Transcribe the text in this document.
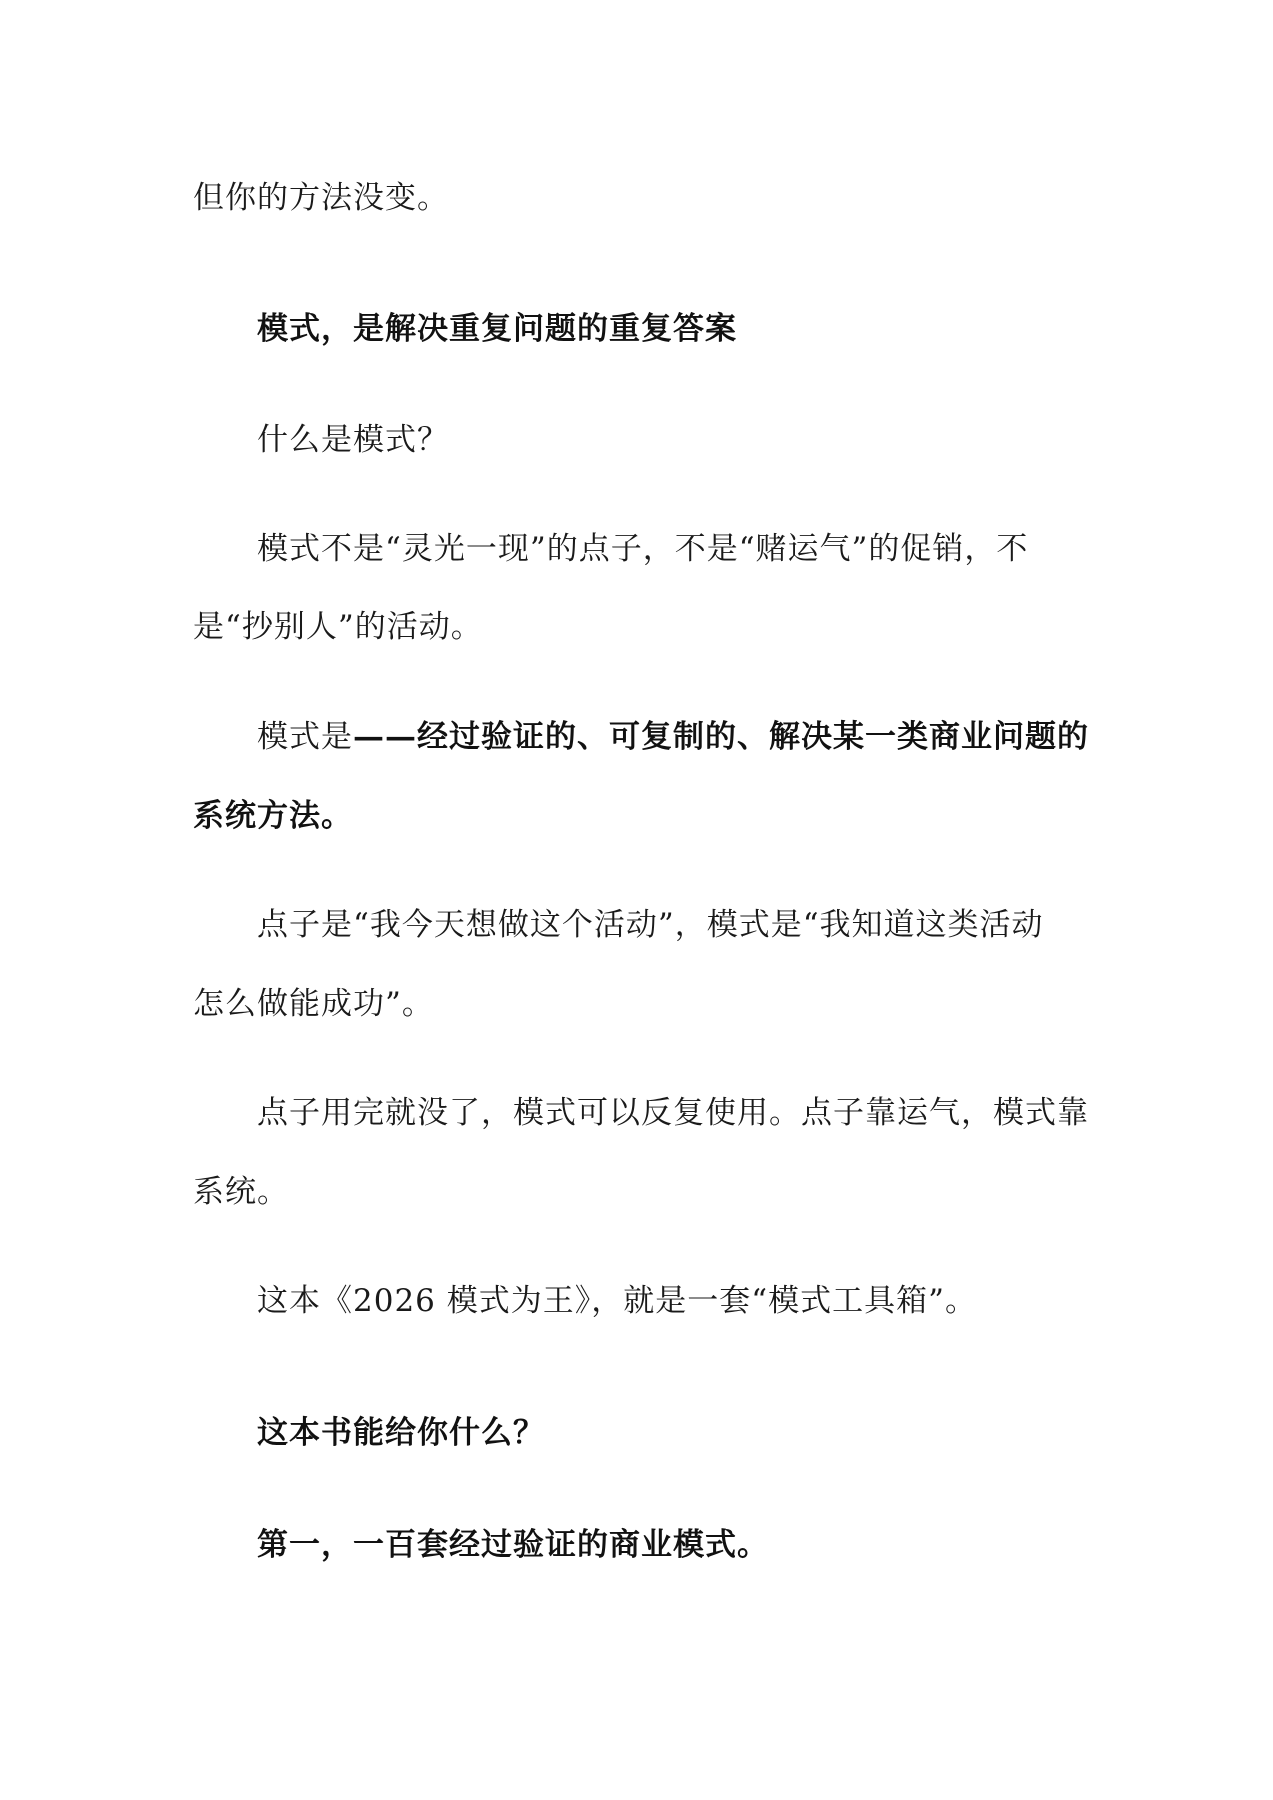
但你的方法没变。

模式，是解决重复问题的重复答案

什么是模式？

模式不是“灵光一现”的点子，不是“赌运气”的促销，不

是“抄别人”的活动。

模式是——经过验证的、可复制的、解决某一类商业问题的

系统方法。

点子是“我今天想做这个活动”，模式是“我知道这类活动

怎么做能成功”。

点子用完就没了，模式可以反复使用。点子靠运气，模式靠

系统。

这本《2026 模式为王》，就是一套“模式工具箱”。

这本书能给你什么？

第一，一百套经过验证的商业模式。
